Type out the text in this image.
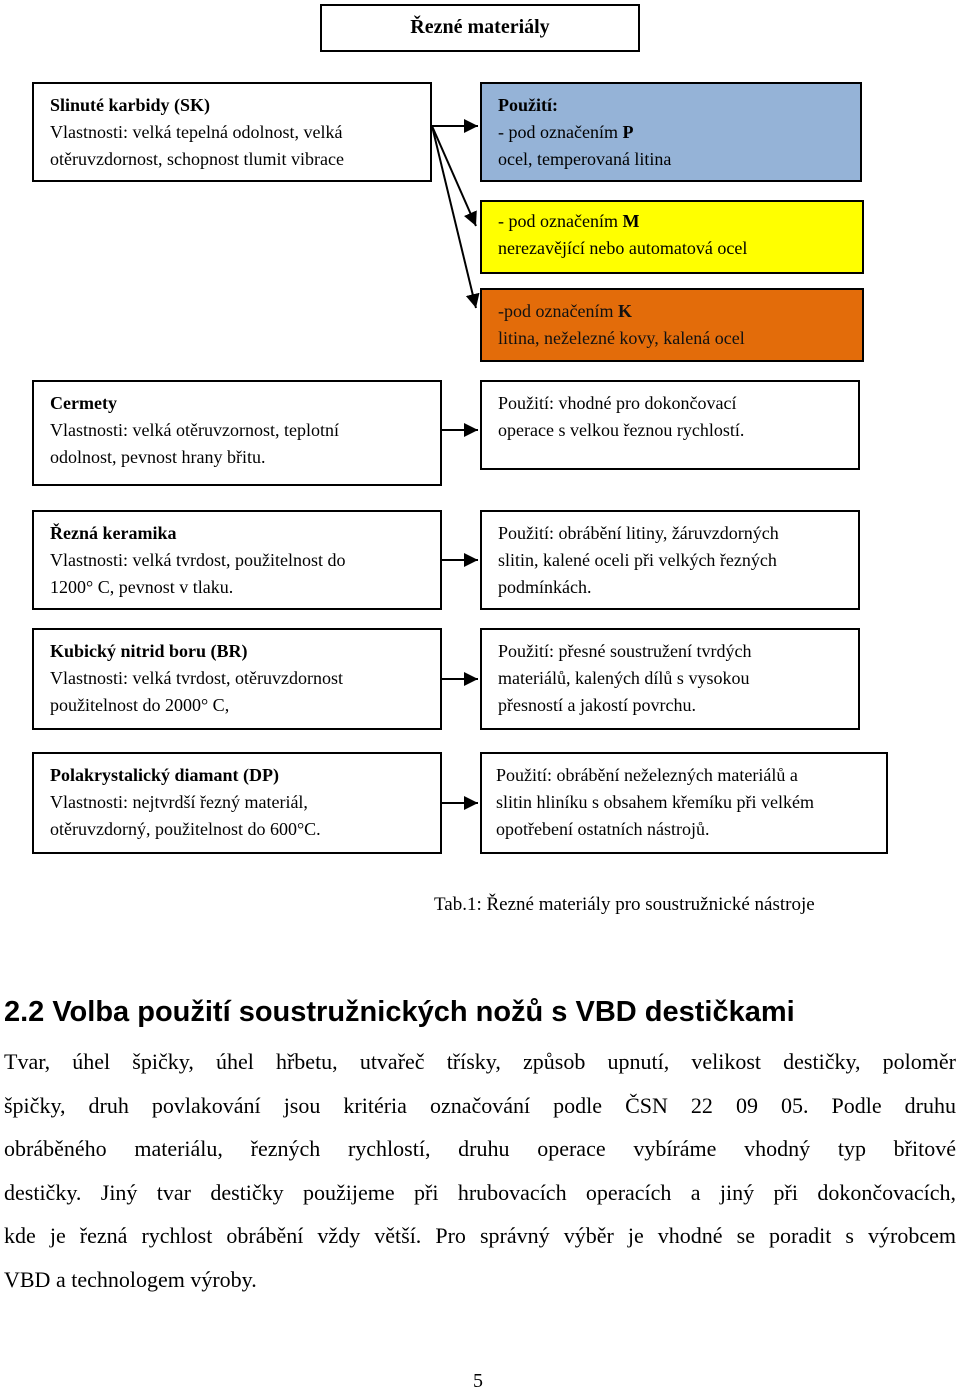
Řezné materiály
Slinuté karbidy (SK)
Vlastnosti: velká tepelná odolnost, velká
otěruvzdornost, schopnost tlumit vibrace
Použití:
- pod označením P
ocel, temperovaná litina
- pod označením M
nerezavějící nebo automatová ocel
-pod označením K
litina, neželezné kovy, kalená ocel
Cermety
Vlastnosti: velká otěruvzornost, teplotní
odolnost, pevnost hrany břitu.
Použití: vhodné pro dokončovací
operace s velkou řeznou rychlostí.
Řezná keramika
Vlastnosti: velká tvrdost, použitelnost do
1200° C, pevnost v tlaku.
Použití: obrábění litiny, žáruvzdorných
slitin, kalené oceli při velkých řezných
podmínkách.
Kubický nitrid boru (BR)
Vlastnosti: velká tvrdost, otěruvzdornost
použitelnost do 2000° C,
Použití: přesné soustružení tvrdých
materiálů, kalených dílů s vysokou
přesností a jakostí povrchu.
Polakrystalický diamant (DP)
Vlastnosti: nejtvrdší řezný materiál,
otěruvzdorný, použitelnost do 600°C.
Použití: obrábění neželezných materiálů a
slitin hliníku s obsahem křemíku při velkém
opotřebení ostatních nástrojů.
Tab.1: Řezné materiály pro soustružnické nástroje
2.2 Volba použití soustružnických nožů s VBD destičkami
Tvar, úhel špičky, úhel hřbetu, utvařeč třísky, způsob upnutí, velikost destičky, poloměr
špičky, druh povlakování jsou kritéria označování podle ČSN 22 09 05. Podle druhu
obráběného materiálu, řezných rychlostí, druhu operace vybíráme vhodný typ břitové
destičky. Jiný tvar destičky použijeme při hrubovacích operacích a jiný při dokončovacích,
kde je řezná rychlost obrábění vždy větší. Pro správný výběr je vhodné se poradit s výrobcem
VBD a technologem výroby.
5
